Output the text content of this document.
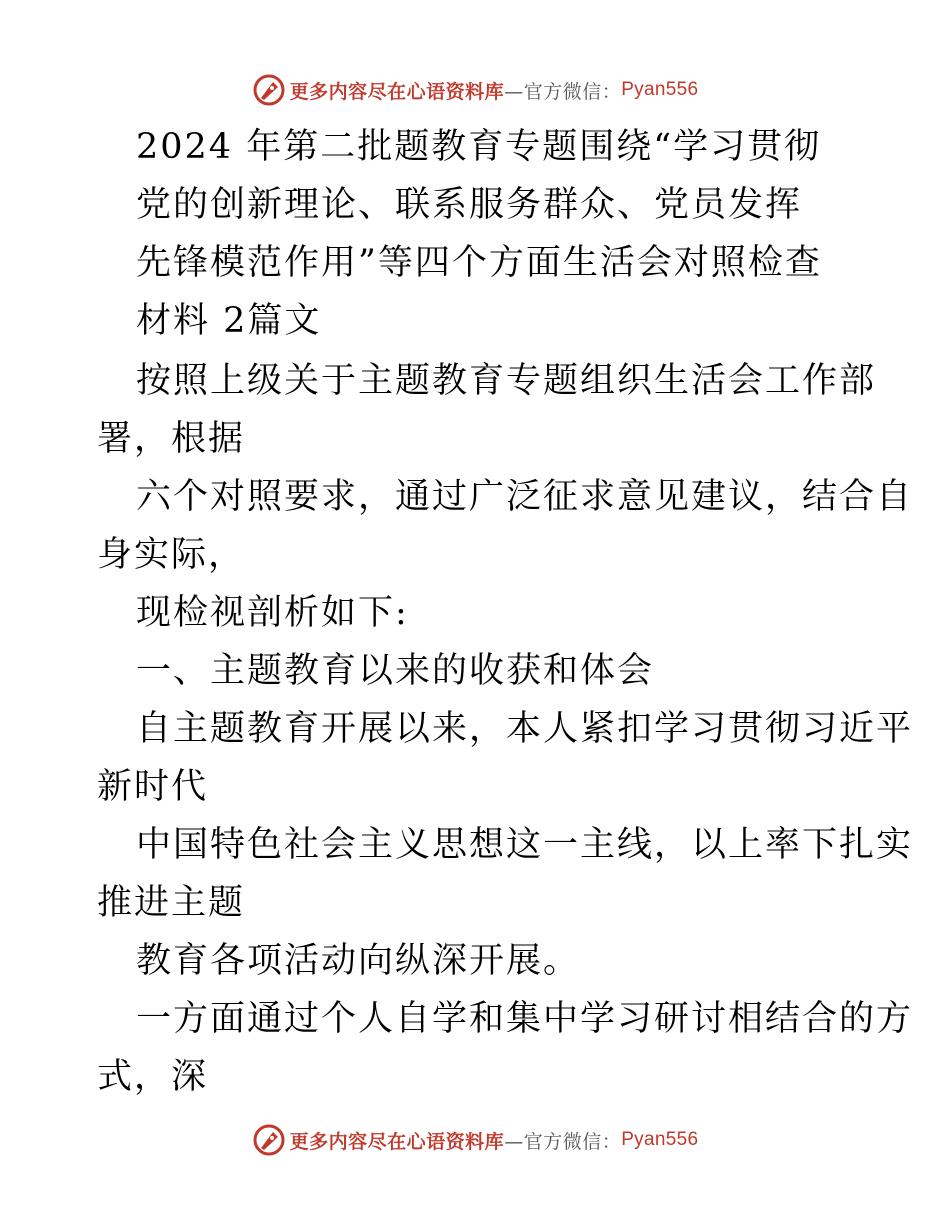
更多内容尽在心语资料库 —官方微信： Pyan556
2024 年第二批题教育专题围绕“学习贯彻
党的创新理论、联系服务群众、党员发挥
先锋模范作用”等四个方面生活会对照检查
材料 2篇文
按照上级关于主题教育专题组织生活会工作部
署，根据
六个对照要求，通过广泛征求意见建议，结合自
身实际，
现检视剖析如下:
一、主题教育以来的收获和体会
自主题教育开展以来，本人紧扣学习贯彻习近平
新时代
中国特色社会主义思想这一主线，以上率下扎实
推进主题
教育各项活动向纵深开展。
一方面通过个人自学和集中学习研讨相结合的方
式，深
更多内容尽在心语资料库 —官方微信： Pyan556
